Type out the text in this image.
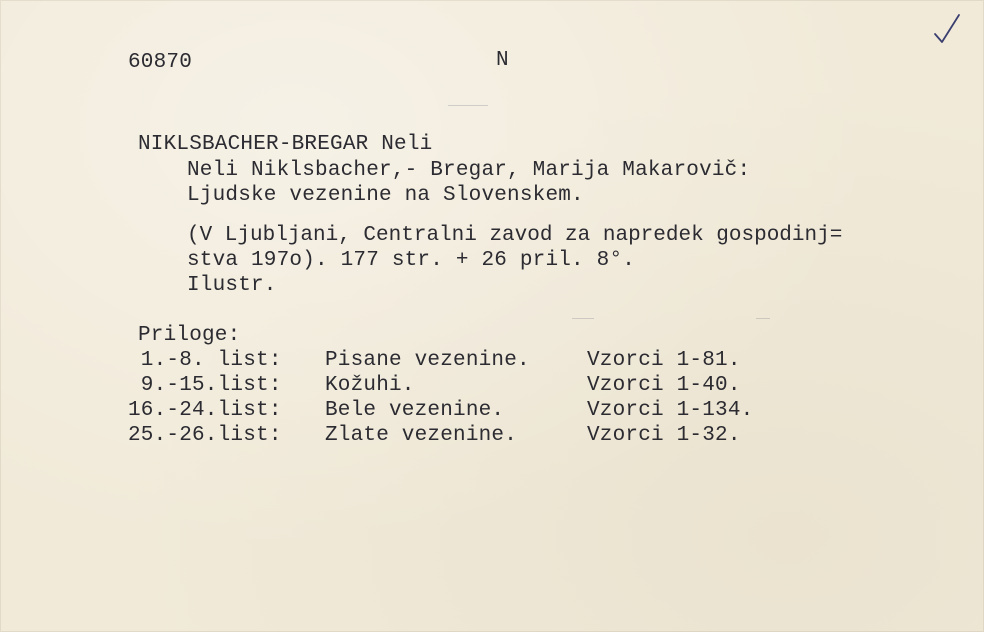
60870	N
NIKLSBACHER-BREGAR Neli
Neli Niklsbacher,- Bregar, Marija Makarovič:
Ljudske vezenine na Slovenskem.
(V Ljubljani, Centralni zavod za napredek gospodinj=
stva 197o). 177 str. + 26 pril. 8°.
Ilustr.
Priloge:
1.-8. list: Pisane vezenine.	Vzorci 1-81.
9.-15.list: Kožuhi.	Vzorci 1-40.
16.-24.list: Bele vezenine.	Vzorci 1-134.
25.-26.list: Zlate vezenine.	Vzorci 1-32.
